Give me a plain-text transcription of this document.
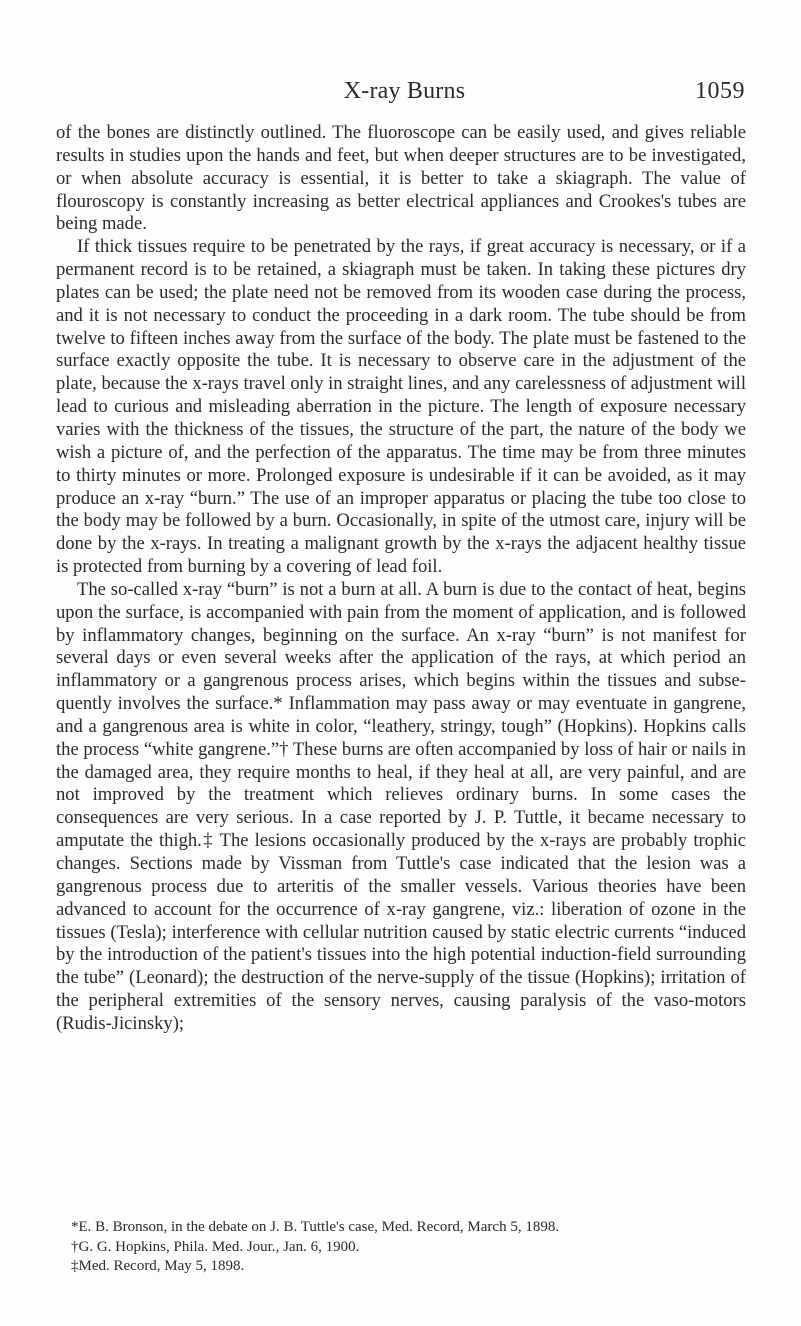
X-ray Burns	1059

of the bones are distinctly outlined. The fluoroscope can be easily used, and gives reliable results in studies upon the hands and feet, but when deeper structures are to be investigated, or when absolute accuracy is essential, it is better to take a skiagraph. The value of flouroscopy is constantly increasing as better electrical appliances and Crookes's tubes are being made.

If thick tissues require to be penetrated by the rays, if great accuracy is necessary, or if a permanent record is to be retained, a skiagraph must be taken. In taking these pictures dry plates can be used; the plate need not be removed from its wooden case during the process, and it is not necessary to conduct the proceeding in a dark room. The tube should be from twelve to fifteen inches away from the surface of the body. The plate must be fastened to the surface exactly opposite the tube. It is necessary to observe care in the adjustment of the plate, because the x-rays travel only in straight lines, and any carelessness of adjustment will lead to curious and misleading aberration in the picture. The length of exposure necessary varies with the thickness of the tissues, the structure of the part, the nature of the body we wish a picture of, and the perfection of the apparatus. The time may be from three minutes to thirty minutes or more. Prolonged exposure is undesirable if it can be avoided, as it may produce an x-ray “burn.” The use of an improper apparatus or placing the tube too close to the body may be followed by a burn. Occasionally, in spite of the utmost care, injury will be done by the x-rays. In treating a malignant growth by the x-rays the adjacent healthy tissue is protected from burning by a covering of lead foil.

The so-called x-ray “burn” is not a burn at all. A burn is due to the contact of heat, begins upon the surface, is accompanied with pain from the moment of application, and is followed by inflammatory changes, beginning on the surface. An x-ray “burn” is not manifest for several days or even several weeks after the application of the rays, at which period an inflammatory or a gangrenous process arises, which begins within the tissues and subsequently involves the surface.* Inflammation may pass away or may eventuate in gangrene, and a gangrenous area is white in color, “leathery, stringy, tough” (Hopkins). Hopkins calls the process “white gangrene.”† These burns are often accompanied by loss of hair or nails in the damaged area, they require months to heal, if they heal at all, are very painful, and are not improved by the treatment which relieves ordinary burns. In some cases the consequences are very serious. In a case reported by J. P. Tuttle, it became necessary to amputate the thigh.‡ The lesions occasionally produced by the x-rays are probably trophic changes. Sections made by Vissman from Tuttle's case indicated that the lesion was a gangrenous process due to arteritis of the smaller vessels. Various theories have been advanced to account for the occurrence of x-ray gangrene, viz.: liberation of ozone in the tissues (Tesla); interference with cellular nutrition caused by static electric currents “induced by the introduction of the patient's tissues into the high potential induction-field surrounding the tube” (Leonard); the destruction of the nerve-supply of the tissue (Hopkins); irritation of the peripheral extremities of the sensory nerves, causing paralysis of the vaso-motors (Rudis-Jicinsky);

*E. B. Bronson, in the debate on J. B. Tuttle's case, Med. Record, March 5, 1898.

†G. G. Hopkins, Phila. Med. Jour., Jan. 6, 1900.

‡Med. Record, May 5, 1898.
